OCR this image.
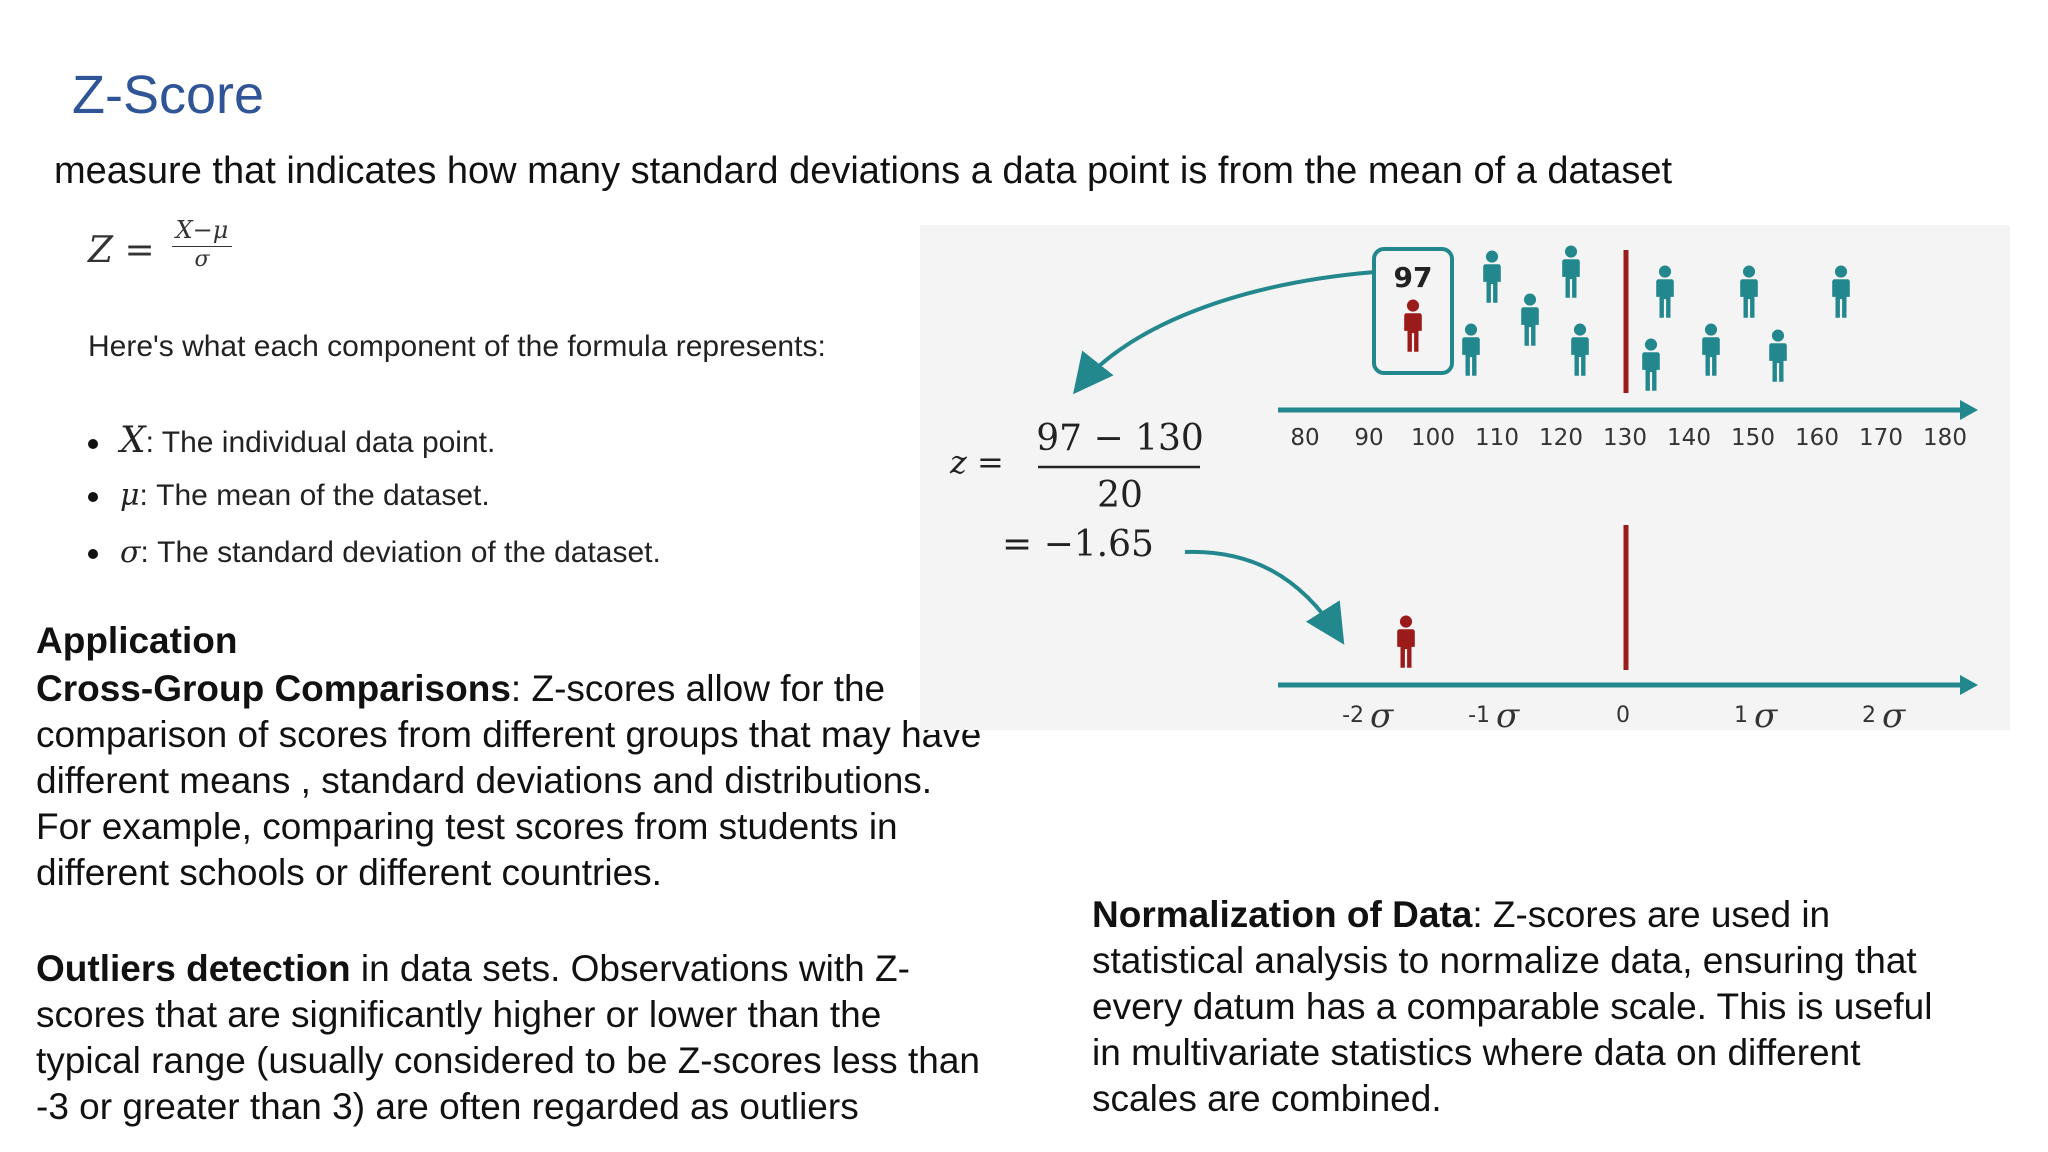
Z-Score
measure that indicates how many standard deviations a data point is from the mean of a dataset
$Z = \frac{X-\mu}{\sigma}$
Here's what each component of the formula represents:
X: The individual data point.
μ: The mean of the dataset.
σ: The standard deviation of the dataset.
Application
Cross-Group Comparisons: Z-scores allow for the
comparison of scores from different groups that may have
different means , standard deviations and distributions.
For example, comparing test scores from students in
different schools or different countries.
Outliers detection in data sets. Observations with Z-
scores that are significantly higher or lower than the
typical range (usually considered to be Z-scores less than
-3 or greater than 3) are often regarded as outliers
Normalization of Data: Z-scores are used in
statistical analysis to normalize data, ensuring that
every datum has a comparable scale. This is useful
in multivariate statistics where data on different
scales are combined.
97
80 90 100 110 120 130 140 150 160 170 180
z =
97 − 130
20
= −1.65
-2 σ	-1 σ	0	1 σ	2 σ
